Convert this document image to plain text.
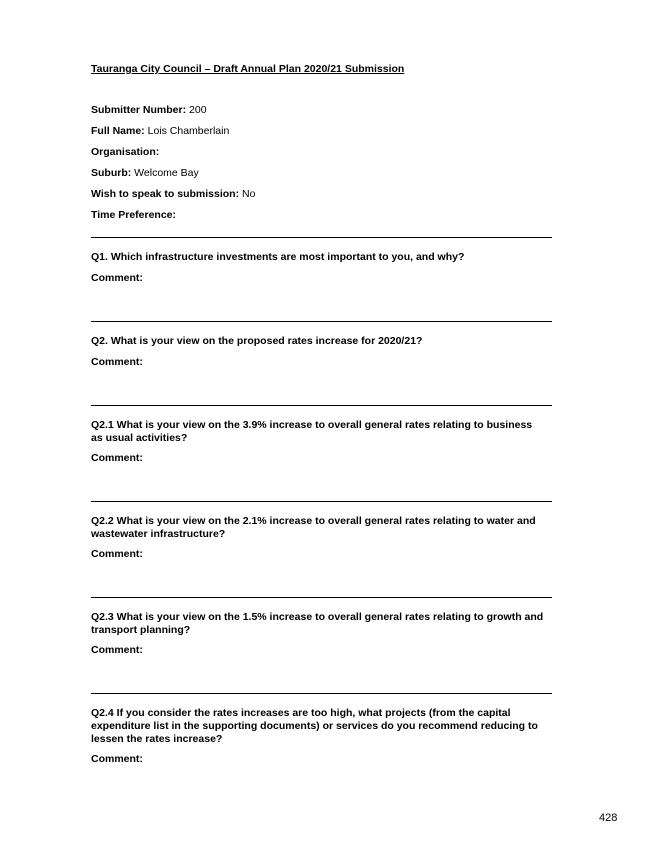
Tauranga City Council – Draft Annual Plan 2020/21 Submission
Submitter Number: 200
Full Name: Lois Chamberlain
Organisation:
Suburb: Welcome Bay
Wish to speak to submission: No
Time Preference:
Q1. Which infrastructure investments are most important to you, and why?
Comment:
Q2. What is your view on the proposed rates increase for 2020/21?
Comment:
Q2.1 What is your view on the 3.9% increase to overall general rates relating to business as usual activities?
Comment:
Q2.2 What is your view on the 2.1% increase to overall general rates relating to water and wastewater infrastructure?
Comment:
Q2.3 What is your view on the 1.5% increase to overall general rates relating to growth and transport planning?
Comment:
Q2.4 If you consider the rates increases are too high, what projects (from the capital expenditure list in the supporting documents) or services do you recommend reducing to lessen the rates increase?
Comment:
428
